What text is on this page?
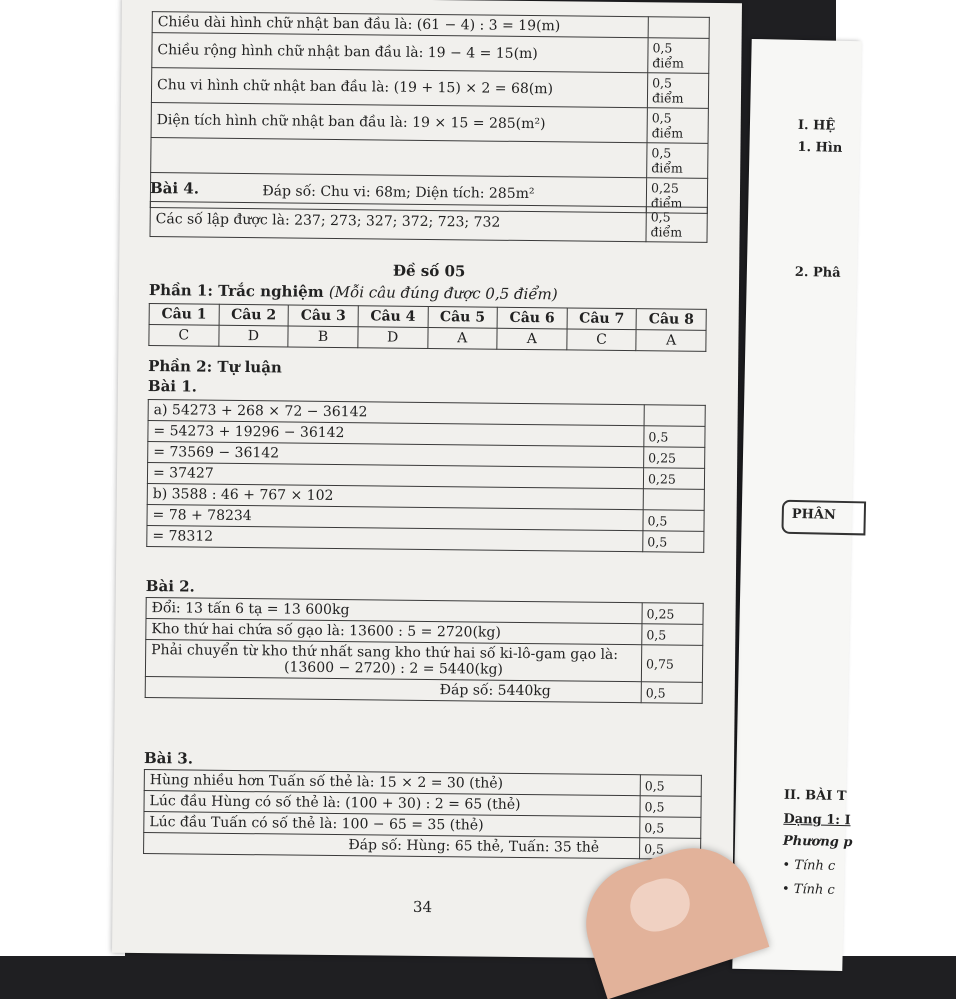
I. HỆ
1. Hìn
2. Phâ
PHÂN
II. BÀI T
Dạng 1: I
Phương p
• Tính c
• Tính c
Chiều dài hình chữ nhật ban đầu là: (61 − 4) : 3 = 19(m)	
Chiều rộng hình chữ nhật ban đầu là: 19 − 4 = 15(m)	0,5 điểm
Chu vi hình chữ nhật ban đầu là: (19 + 15) × 2 = 68(m)	0,5 điểm
Diện tích hình chữ nhật ban đầu là: 19 × 15 = 285(m²)	0,5 điểm
	0,5 điểm
Đáp số: Chu vi: 68m; Diện tích: 285m²	0,25 điểm
Bài 4.
Các số lập được là: 237; 273; 327; 372; 723; 732	0,5 điểm
Đề số 05
Phần 1: Trắc nghiệm (Mỗi câu đúng được 0,5 điểm)
Câu 1	Câu 2	Câu 3	Câu 4	Câu 5	Câu 6	Câu 7	Câu 8
C	D	B	D	A	A	C	A
Phần 2: Tự luận
Bài 1.
a) 54273 + 268 × 72 − 36142	
= 54273 + 19296 − 36142	0,5
= 73569 − 36142	0,25
= 37427	0,25
b) 3588 : 46 + 767 × 102	
= 78 + 78234	0,5
= 78312	0,5
Bài 2.
Đổi: 13 tấn 6 tạ = 13 600kg	0,25
Kho thứ hai chứa số gạo là: 13600 : 5 = 2720(kg)	0,5

Phải chuyển từ kho thứ nhất sang kho thứ hai số ki-lô-gam gạo là:
(13600 − 2720) : 2 = 5440(kg)	0,75
Đáp số: 5440kg	0,5
Bài 3.
Hùng nhiều hơn Tuấn số thẻ là: 15 × 2 = 30 (thẻ)	0,5
Lúc đầu Hùng có số thẻ là: (100 + 30) : 2 = 65 (thẻ)	0,5
Lúc đầu Tuấn có số thẻ là: 100 − 65 = 35 (thẻ)	0,5
Đáp số: Hùng: 65 thẻ, Tuấn: 35 thẻ	0,5
34
